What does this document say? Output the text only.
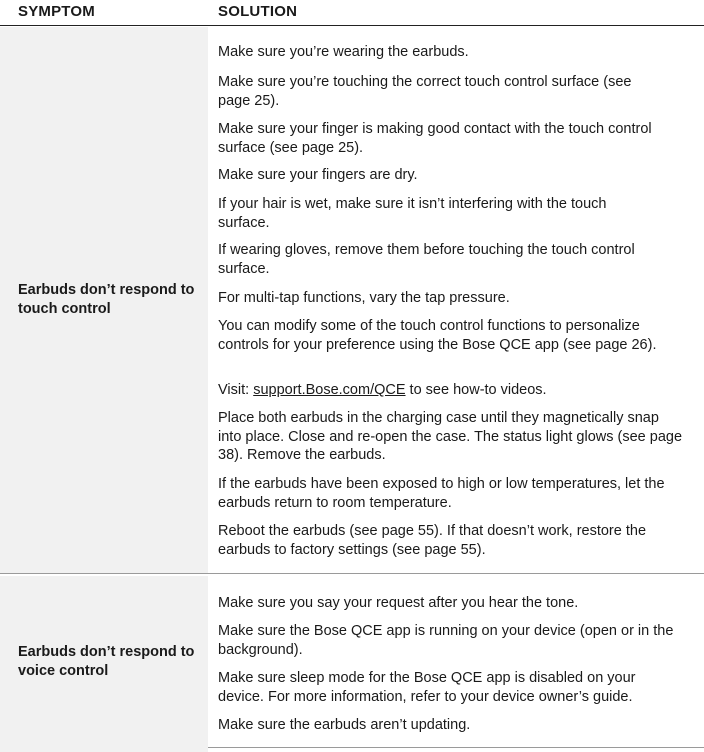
SYMPTOM	SOLUTION
Earbuds don’t respond to touch control

Make sure you’re wearing the earbuds.

Make sure you’re touching the correct touch control surface (see page 25).

Make sure your finger is making good contact with the touch control surface (see page 25).

Make sure your fingers are dry.

If your hair is wet, make sure it isn’t interfering with the touch surface.

If wearing gloves, remove them before touching the touch control surface.

For multi-tap functions, vary the tap pressure.

You can modify some of the touch control functions to personalize controls for your preference using the Bose QCE app (see page 26).

Visit: support.Bose.com/QCE to see how-to videos.

Place both earbuds in the charging case until they magnetically snap into place. Close and re-open the case. The status light glows (see page 38). Remove the earbuds.

If the earbuds have been exposed to high or low temperatures, let the earbuds return to room temperature.

Reboot the earbuds (see page 55). If that doesn’t work, restore the earbuds to factory settings (see page 55).

Earbuds don’t respond to voice control

Make sure you say your request after you hear the tone.

Make sure the Bose QCE app is running on your device (open or in the background).

Make sure sleep mode for the Bose QCE app is disabled on your device. For more information, refer to your device owner’s guide.

Make sure the earbuds aren’t updating.
